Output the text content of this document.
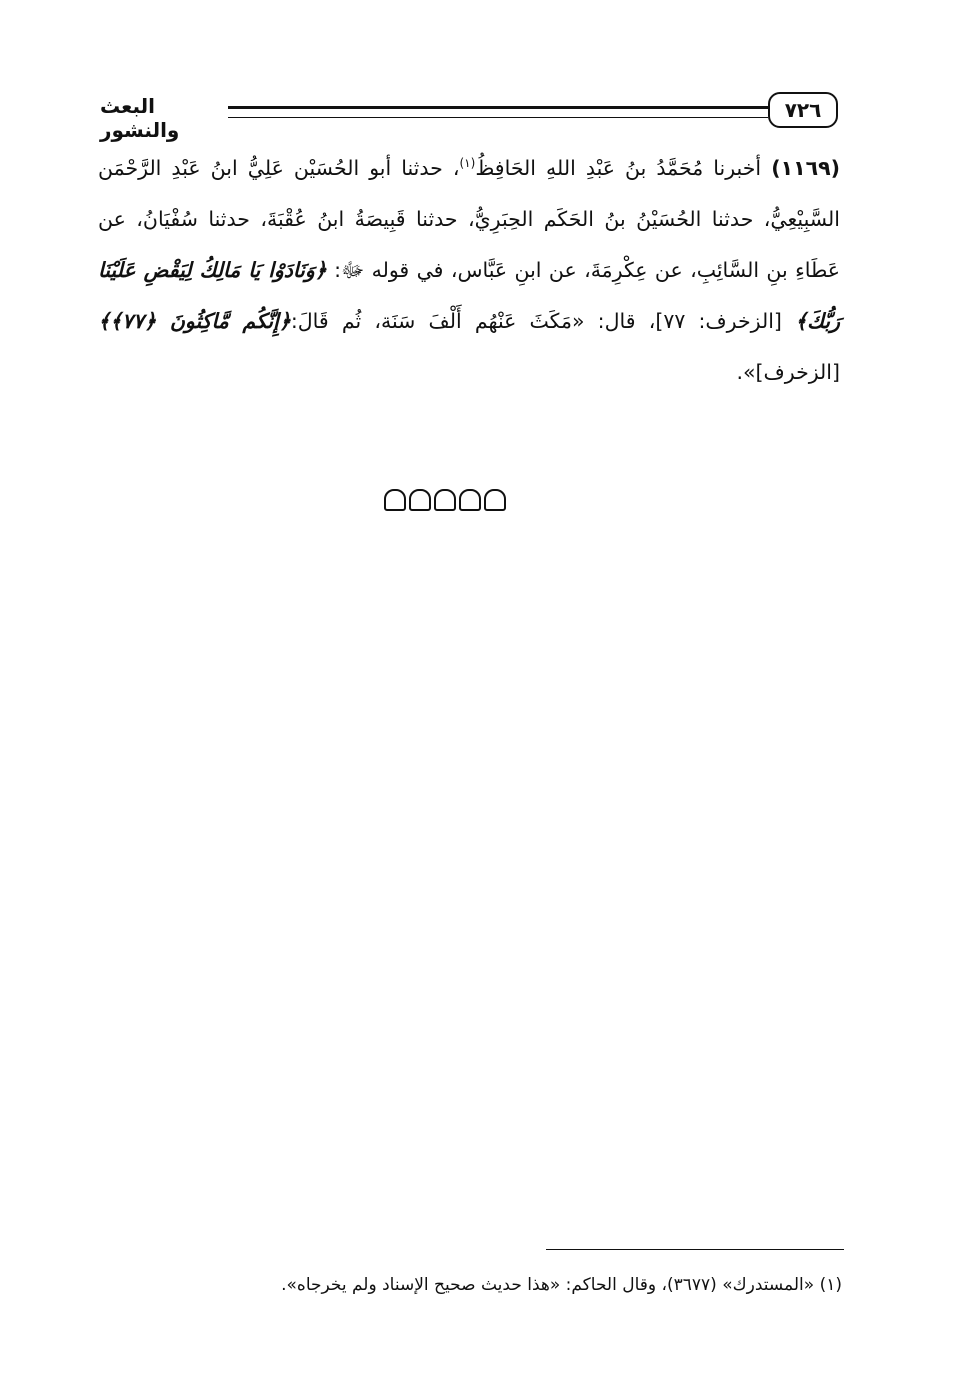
البعث والنشور
٧٢٦
(١١٦٩) أخبرنا مُحَمَّدُ بنُ عَبْدِ اللهِ الحَافِظُ$^{(١)}$، حدثنا أبو الحُسَيْن عَلِيُّ ابنُ عَبْدِ الرَّحْمَن السَّبِيْعِيُّ، حدثنا الحُسَيْنُ بنُ الحَكَم الحِبَرِيُّ، حدثنا قَبِيصَةُ ابنُ عُقْبَةَ، حدثنا سُفْيَانُ، عن عَطَاءِ بنِ السَّائِبِ، عن عِكْرِمَةَ، عن ابنِ عَبَّاس، في قوله ﷻ: ﴿وَنَادَوْا يَا مَالِكُ لِيَقْضِ عَلَيْنَا رَبُّكَ﴾ [الزخرف: ٧٧]، قال: «مَكَثَ عَنْهُم أَلْفَ سَنَة، ثُم قَالَ:﴿إِنَّكُم مَّاكِثُونَ ﴿٧٧﴾﴾[الزخرف]».
(١) «المستدرك» (٣٦٧٧)، وقال الحاكم: «هذا حديث صحيح الإسناد ولم يخرجاه».
